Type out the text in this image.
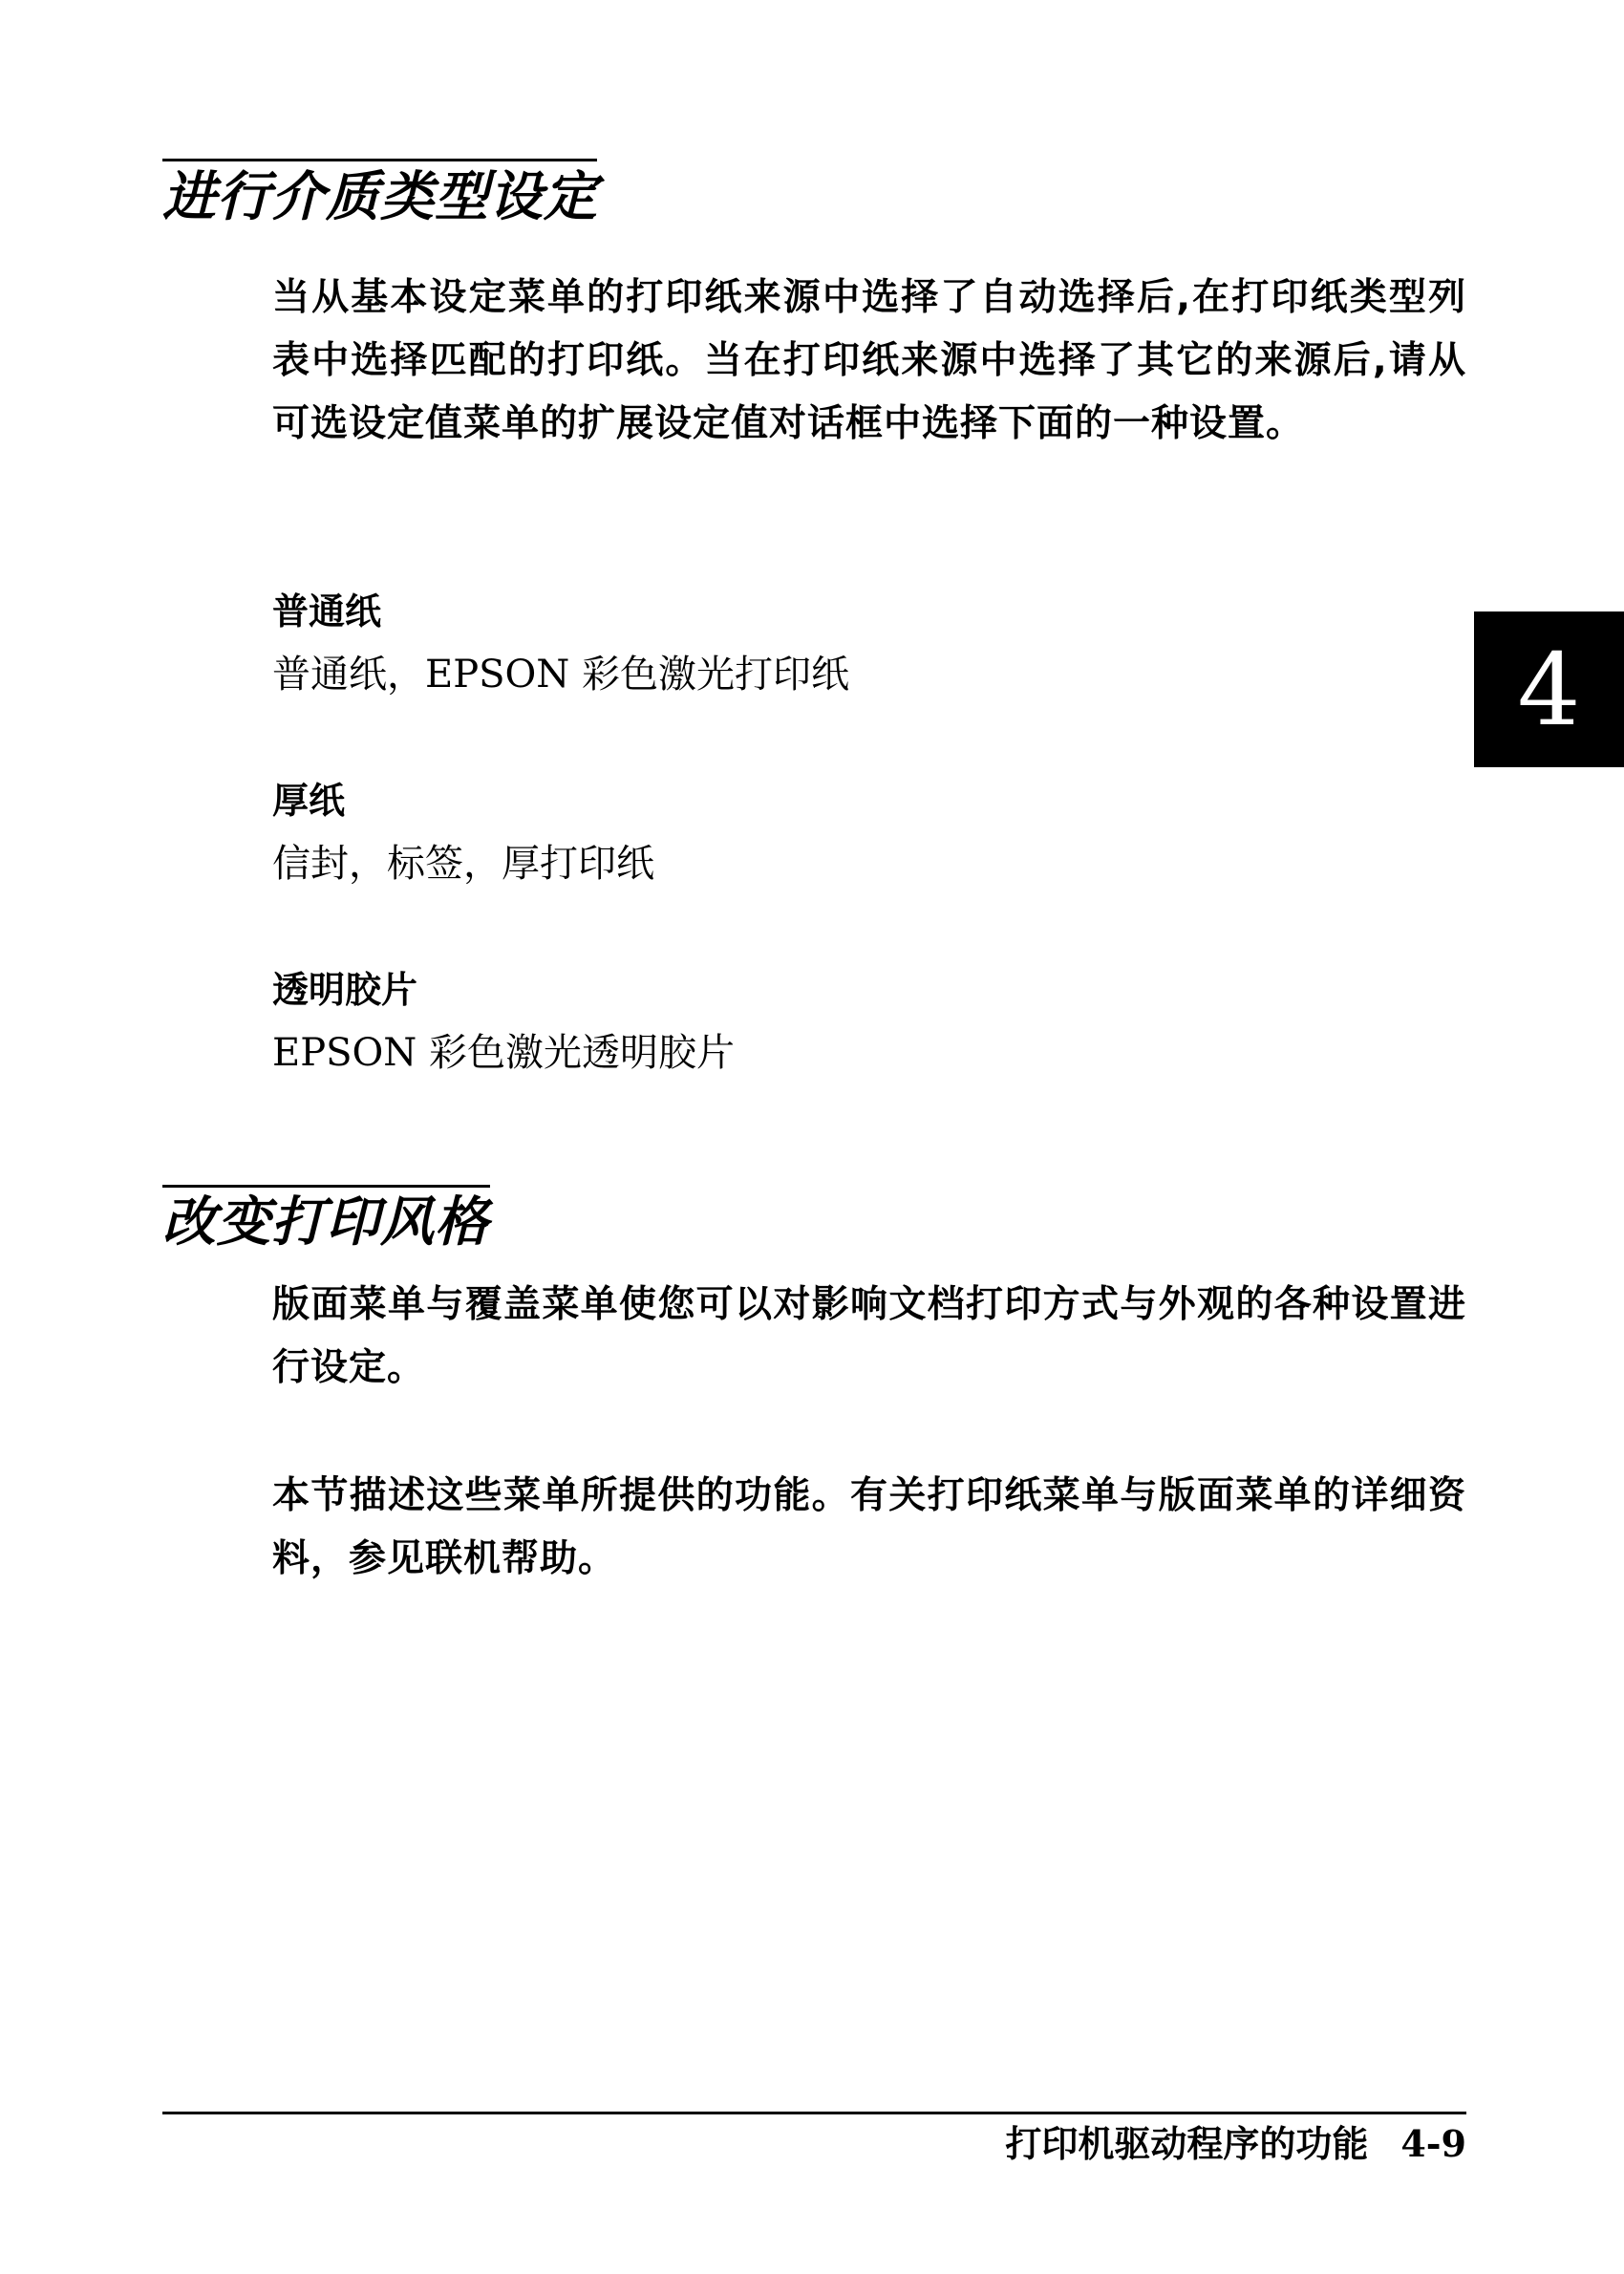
进行介质类型设定

当从基本设定菜单的打印纸来源中选择了自动选择后,在打印纸类型列表中选择匹配的打印纸。当在打印纸来源中选择了其它的来源后,请从可选设定值菜单的扩展设定值对话框中选择下面的一种设置。

普通纸
普通纸，EPSON 彩色激光打印纸
厚纸
信封，标签，厚打印纸
透明胶片
EPSON 彩色激光透明胶片
改变打印风格

版面菜单与覆盖菜单使您可以对影响文档打印方式与外观的各种设置进行设定。

本节描述这些菜单所提供的功能。有关打印纸菜单与版面菜单的详细资料，参见联机帮助。

4
打印机驱动程序的功能 4-9
